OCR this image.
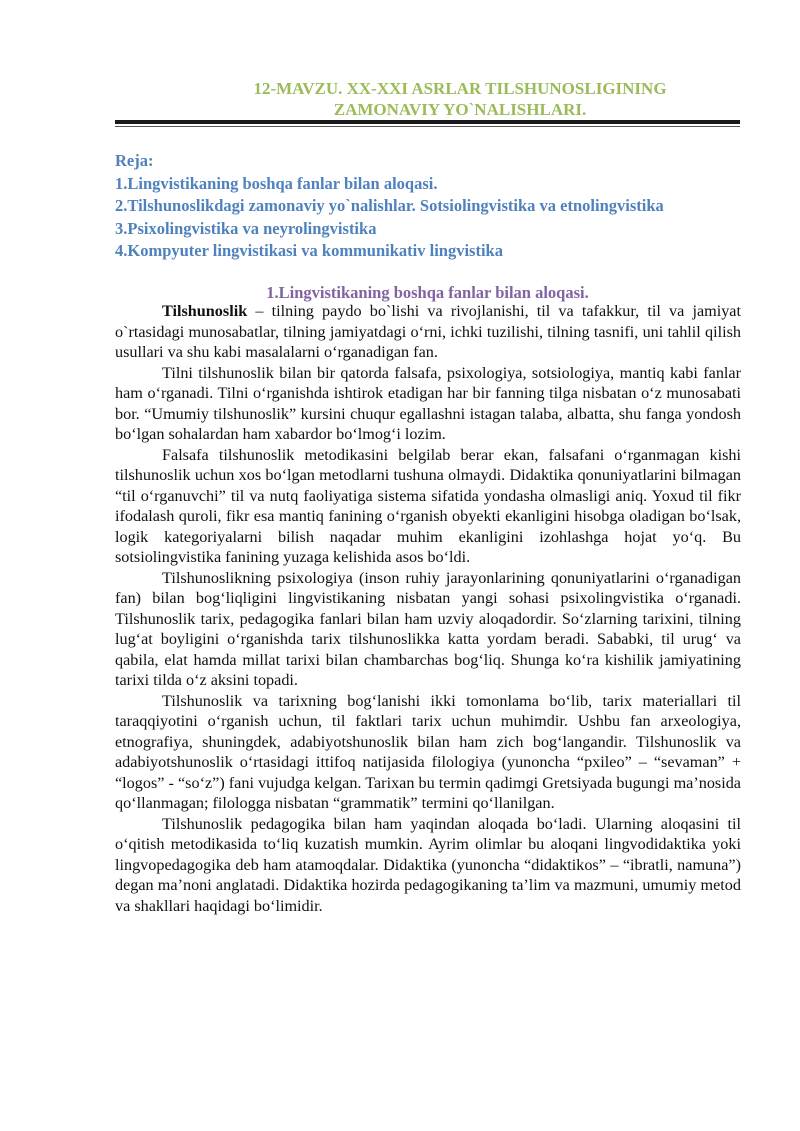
12-MAVZU. XX-XXI ASRLAR TILSHUNOSLIGINING
ZAMONAVIY YO`NALISHLARI.
Reja:
1.Lingvistikaning boshqa fanlar bilan aloqasi.
2.Tilshunoslikdagi zamonaviy yo`nalishlar. Sotsiolingvistika va etnolingvistika
3.Psixolingvistika va neyrolingvistika
4.Kompyuter lingvistikasi va kommunikativ lingvistika
1.Lingvistikaning boshqa fanlar bilan aloqasi.

Tilshunoslik – tilning paydo bo`lishi va rivojlanishi, til va tafakkur, til va jamiyat o`rtasidagi munosabatlar, tilning jamiyatdagi o‘rni, ichki tuzilishi, tilning tasnifi, uni tahlil qilish usullari va shu kabi masalalarni o‘rganadigan fan.

Tilni tilshunoslik bilan bir qatorda falsafa, psixologiya, sotsiologiya, mantiq kabi fanlar ham o‘rganadi. Tilni o‘rganishda ishtirok etadigan har bir fanning tilga nisbatan o‘z munosabati bor. “Umumiy tilshunoslik” kursini chuqur egallashni istagan talaba, albatta, shu fanga yondosh bo‘lgan sohalardan ham xabardor bo‘lmog‘i lozim.

Falsafa tilshunoslik metodikasini belgilab berar ekan, falsafani o‘rganmagan kishi tilshunoslik uchun xos bo‘lgan metodlarni tushuna olmaydi. Didaktika qonuniyatlarini bilmagan “til o‘rganuvchi” til va nutq faoliyatiga sistema sifatida yondasha olmasligi aniq. Yoxud til fikr ifodalash quroli, fikr esa mantiq fanining o‘rganish obyekti ekanligini hisobga oladigan bo‘lsak, logik kategoriyalarni bilish naqadar muhim ekanligini izohlashga hojat yo‘q. Bu sotsiolingvistika fanining yuzaga kelishida asos bo‘ldi.

Tilshunoslikning psixologiya (inson ruhiy jarayonlarining qonuniyatlarini o‘rganadigan fan) bilan bog‘liqligini lingvistikaning nisbatan yangi sohasi psixolingvistika o‘rganadi. Tilshunoslik tarix, pedagogika fanlari bilan ham uzviy aloqadordir. So‘zlarning tarixini, tilning lug‘at boyligini o‘rganishda tarix tilshunoslikka katta yordam beradi. Sababki, til urug‘ va qabila, elat hamda millat tarixi bilan chambarchas bog‘liq. Shunga ko‘ra kishilik jamiyatining tarixi tilda o‘z aksini topadi.

Tilshunoslik va tarixning bog‘lanishi ikki tomonlama bo‘lib, tarix materiallari til taraqqiyotini o‘rganish uchun, til faktlari tarix uchun muhimdir. Ushbu fan arxeologiya, etnografiya, shuningdek, adabiyotshunoslik bilan ham zich bog‘langandir. Tilshunoslik va adabiyotshunoslik o‘rtasidagi ittifoq natijasida filologiya (yunoncha “pxileo” – “sevaman” + “logos” - “so‘z”) fani vujudga kelgan. Tarixan bu termin qadimgi Gretsiyada bugungi ma’nosida qo‘llanmagan; filologga nisbatan “grammatik” termini qo‘llanilgan.

Tilshunoslik pedagogika bilan ham yaqindan aloqada bo‘ladi. Ularning aloqasini til o‘qitish metodikasida to‘liq kuzatish mumkin. Ayrim olimlar bu aloqani lingvodidaktika yoki lingvopedagogika deb ham atamoqdalar. Didaktika (yunoncha “didaktikos” – “ibratli, namuna”) degan ma’noni anglatadi. Didaktika hozirda pedagogikaning ta’lim va mazmuni, umumiy metod va shakllari haqidagi bo‘limidir.
